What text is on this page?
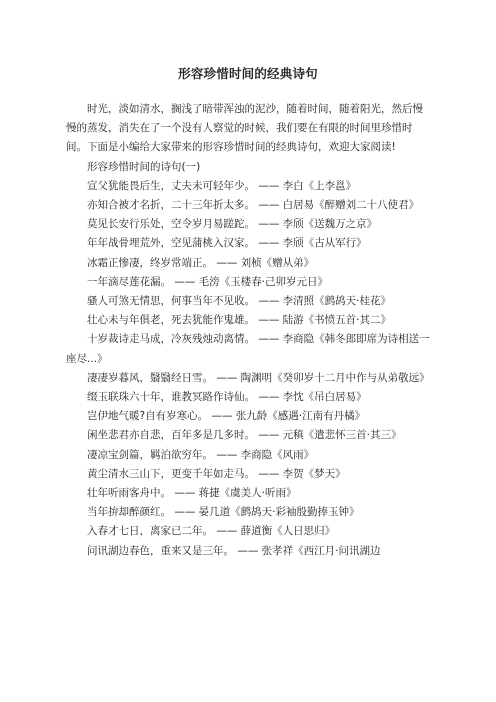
形容珍惜时间的经典诗句

时光，淡如清水，搁浅了暗带浑浊的泥沙，随着时间，随着阳光，然后慢慢的蒸发，消失在了一个没有人察觉的时候，我们要在有限的时间里珍惜时间。下面是小编给大家带来的形容珍惜时间的经典诗句，欢迎大家阅读!

形容珍惜时间的诗句(一)

宣父犹能畏后生，丈夫未可轻年少。 —— 李白《上李邕》
亦知合被才名折，二十三年折太多。 —— 白居易《醉赠刘二十八使君》
莫见长安行乐处，空令岁月易蹉跎。 —— 李颀《送魏万之京》
年年战骨埋荒外，空见蒲桃入汉家。 —— 李颀《古从军行》
冰霜正惨凄，终岁常端正。 —— 刘桢《赠从弟》
一年滴尽莲花漏。 —— 毛滂《玉楼春·己卯岁元日》
骚人可煞无情思，何事当年不见收。 —— 李清照《鹧鸪天·桂花》
壮心未与年俱老，死去犹能作鬼雄。 —— 陆游《书愤五首·其二》
十岁裁诗走马成，冷灰残烛动离情。 —— 李商隐《韩冬郎即席为诗相送一座尽...》
凄凄岁暮风，翳翳经日雪。 —— 陶渊明《癸卯岁十二月中作与从弟敬远》
缀玉联珠六十年，谁教冥路作诗仙。 —— 李忱《吊白居易》
岂伊地气暖?自有岁寒心。 —— 张九龄《感遇·江南有丹橘》
闲坐悲君亦自悲，百年多是几多时。 —— 元稹《遣悲怀三首·其三》
凄凉宝剑篇，羁泊欲穷年。 —— 李商隐《风雨》
黄尘清水三山下，更变千年如走马。 —— 李贺《梦天》
壮年听雨客舟中。 —— 蒋捷《虞美人·听雨》
当年拚却醉颜红。 —— 晏几道《鹧鸪天·彩袖殷勤捧玉钟》
入春才七日，离家已二年。 —— 薛道衡《人日思归》
问讯湖边春色，重来又是三年。 —— 张孝祥《西江月·问讯湖边
